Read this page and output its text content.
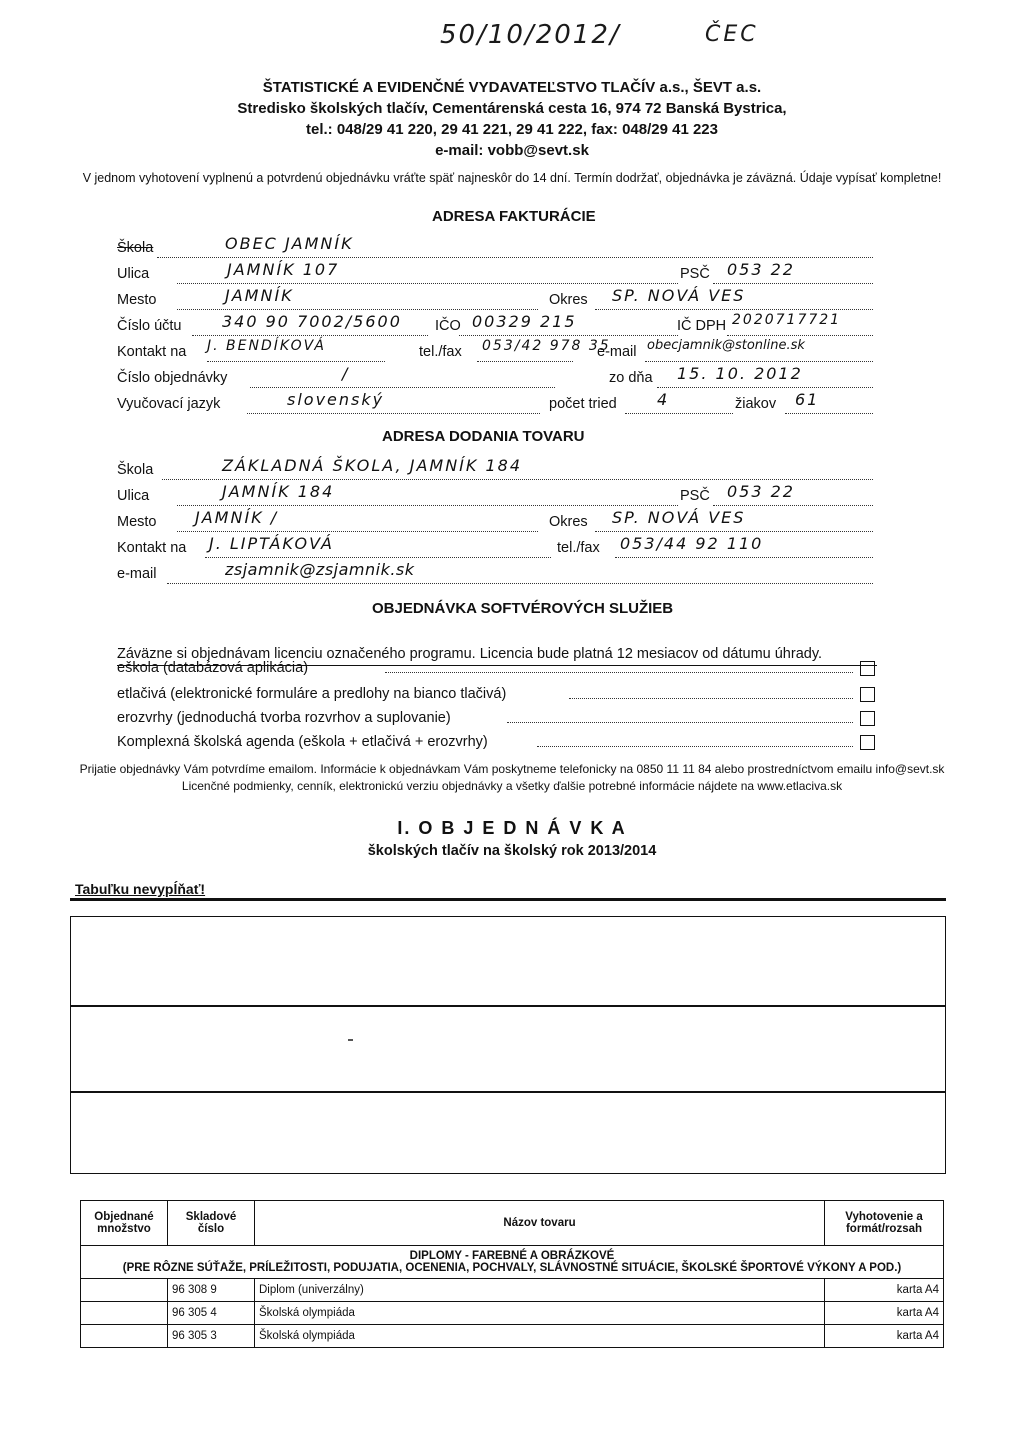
50/10/2012/	ČEC
ŠTATISTICKÉ A EVIDENČNÉ VYDAVATEĽSTVO TLAČÍV a.s., ŠEVT a.s.
Stredisko školských tlačív, Cementárenská cesta 16, 974 72 Banská Bystrica,
tel.: 048/29 41 220, 29 41 221, 29 41 222, fax: 048/29 41 223
e-mail: vobb@sevt.sk
V jednom vyhotovení vyplnenú a potvrdenú objednávku vráťte späť najneskôr do 14 dní. Termín dodržať, objednávka je záväzná. Údaje vypísať kompletne!
ADRESA FAKTURÁCIE
Škola	OBEC JAMNÍK
Ulica	JAMNÍK 107	PSČ 053 22
Mesto	JAMNÍK	Okres SP. NOVÁ VES
Číslo účtu	340 90 7002/5600 IČO 00329 215	IČ DPH 2020717721
Kontakt na J. BENDÍKOVÁ	tel./fax 053/42 978 35
e-mail obecjamnik@stonline.sk
Číslo objednávky	/	zo dňa 15. 10. 2012
Vyučovací jazyk	slovenský	počet tried	4	žiakov 61
ADRESA DODANIA TOVARU
Škola	ZÁKLADNÁ ŠKOLA, JAMNÍK 184
Ulica	JAMNÍK 184	PSČ 053 22
Mesto JAMNÍK /	Okres SP. NOVÁ VES
Kontakt na J. LIPTÁKOVÁ	tel./fax 053/44 92 110
e-mail	zsjamnik@zsjamnik.sk
OBJEDNÁVKA SOFTVÉROVÝCH SLUŽIEB
Záväzne si objednávam licenciu označeného programu. Licencia bude platná 12 mesiacov od dátumu úhrady.
eškola (databázová aplikácia)
etlačivá (elektronické formuláre a predlohy na bianco tlačivá)
erozvrhy (jednoduchá tvorba rozvrhov a suplovanie)
Komplexná školská agenda (eškola + etlačivá + erozvrhy)
Prijatie objednávky Vám potvrdíme emailom. Informácie k objednávkam Vám poskytneme telefonicky na 0850 11 11 84 alebo prostredníctvom emailu info@sevt.sk
Licenčné podmienky, cenník, elektronickú verziu objednávky a všetky ďalšie potrebné informácie nájdete na www.etlaciva.sk
I. O B J E D N Á V K A
školských tlačív na školský rok 2013/2014
Tabuľku nevypĺňať!
Objednané množstvo	Skladové číslo	Názov tovaru	Vyhotovenie a formát/rozsah

DIPLOMY - FAREBNÉ A OBRÁZKOVÉ
(PRE RÔZNE SÚŤAŽE, PRÍLEŽITOSTI, PODUJATIA, OCENENIA, POCHVALY, SLÁVNOSTNÉ SITUÁCIE, ŠKOLSKÉ ŠPORTOVÉ VÝKONY A POD.)			

	96 308 9	Diplom (univerzálny)	karta A4
	96 305 4	Školská olympiáda	karta A4
	96 305 3	Školská olympiáda	karta A4
